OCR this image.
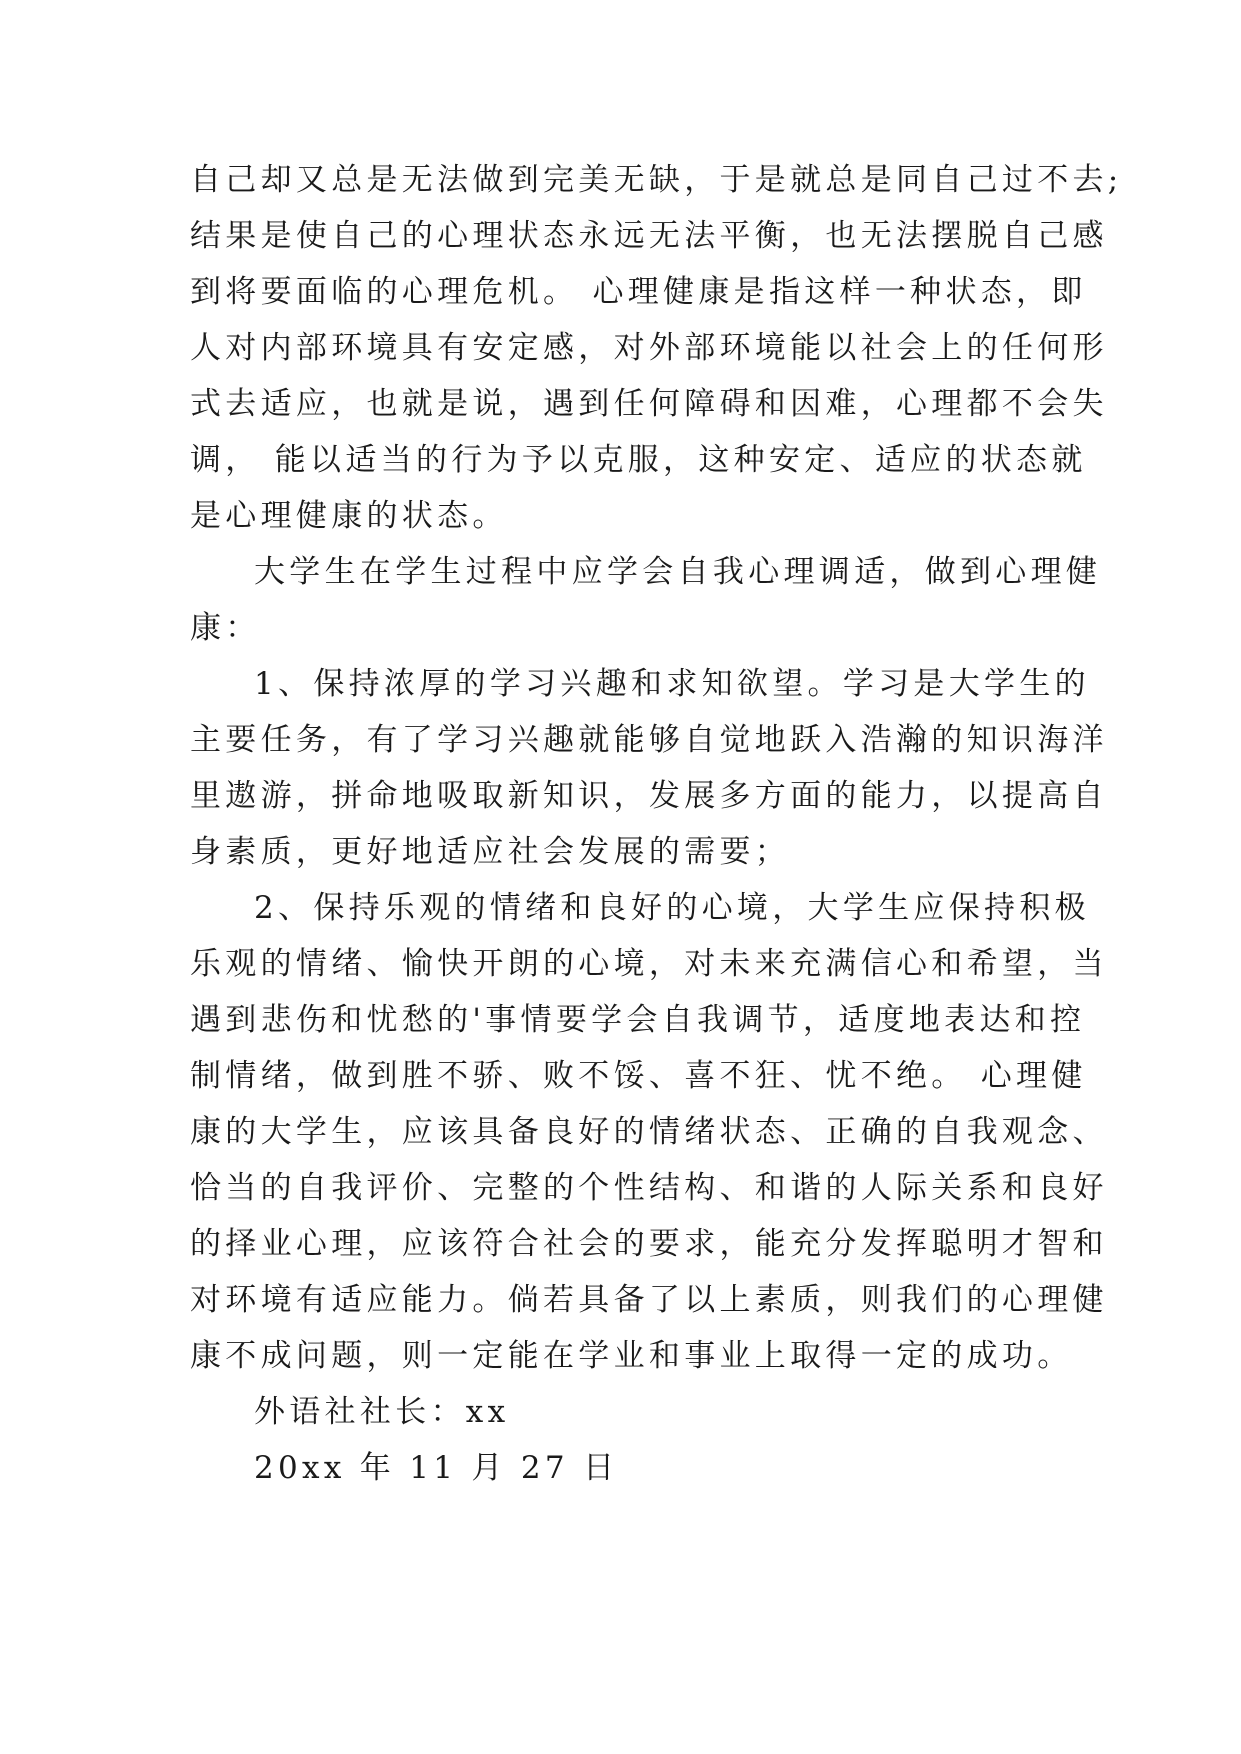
自己却又总是无法做到完美无缺，于是就总是同自己过不去;
结果是使自己的心理状态永远无法平衡，也无法摆脱自己感
到将要面临的心理危机。 心理健康是指这样一种状态，即
人对内部环境具有安定感，对外部环境能以社会上的任何形
式去适应，也就是说，遇到任何障碍和因难，心理都不会失
调， 能以适当的行为予以克服，这种安定、适应的状态就
是心理健康的状态。
大学生在学生过程中应学会自我心理调适，做到心理健
康：
1、保持浓厚的学习兴趣和求知欲望。学习是大学生的
主要任务，有了学习兴趣就能够自觉地跃入浩瀚的知识海洋
里遨游，拼命地吸取新知识，发展多方面的能力，以提高自
身素质，更好地适应社会发展的需要；
2、保持乐观的情绪和良好的心境，大学生应保持积极
乐观的情绪、愉快开朗的心境，对未来充满信心和希望，当
遇到悲伤和忧愁的'事情要学会自我调节，适度地表达和控
制情绪，做到胜不骄、败不馁、喜不狂、忧不绝。 心理健
康的大学生，应该具备良好的情绪状态、正确的自我观念、
恰当的自我评价、完整的个性结构、和谐的人际关系和良好
的择业心理，应该符合社会的要求，能充分发挥聪明才智和
对环境有适应能力。倘若具备了以上素质，则我们的心理健
康不成问题，则一定能在学业和事业上取得一定的成功。
外语社社长：xx
20xx 年 11 月 27 日
